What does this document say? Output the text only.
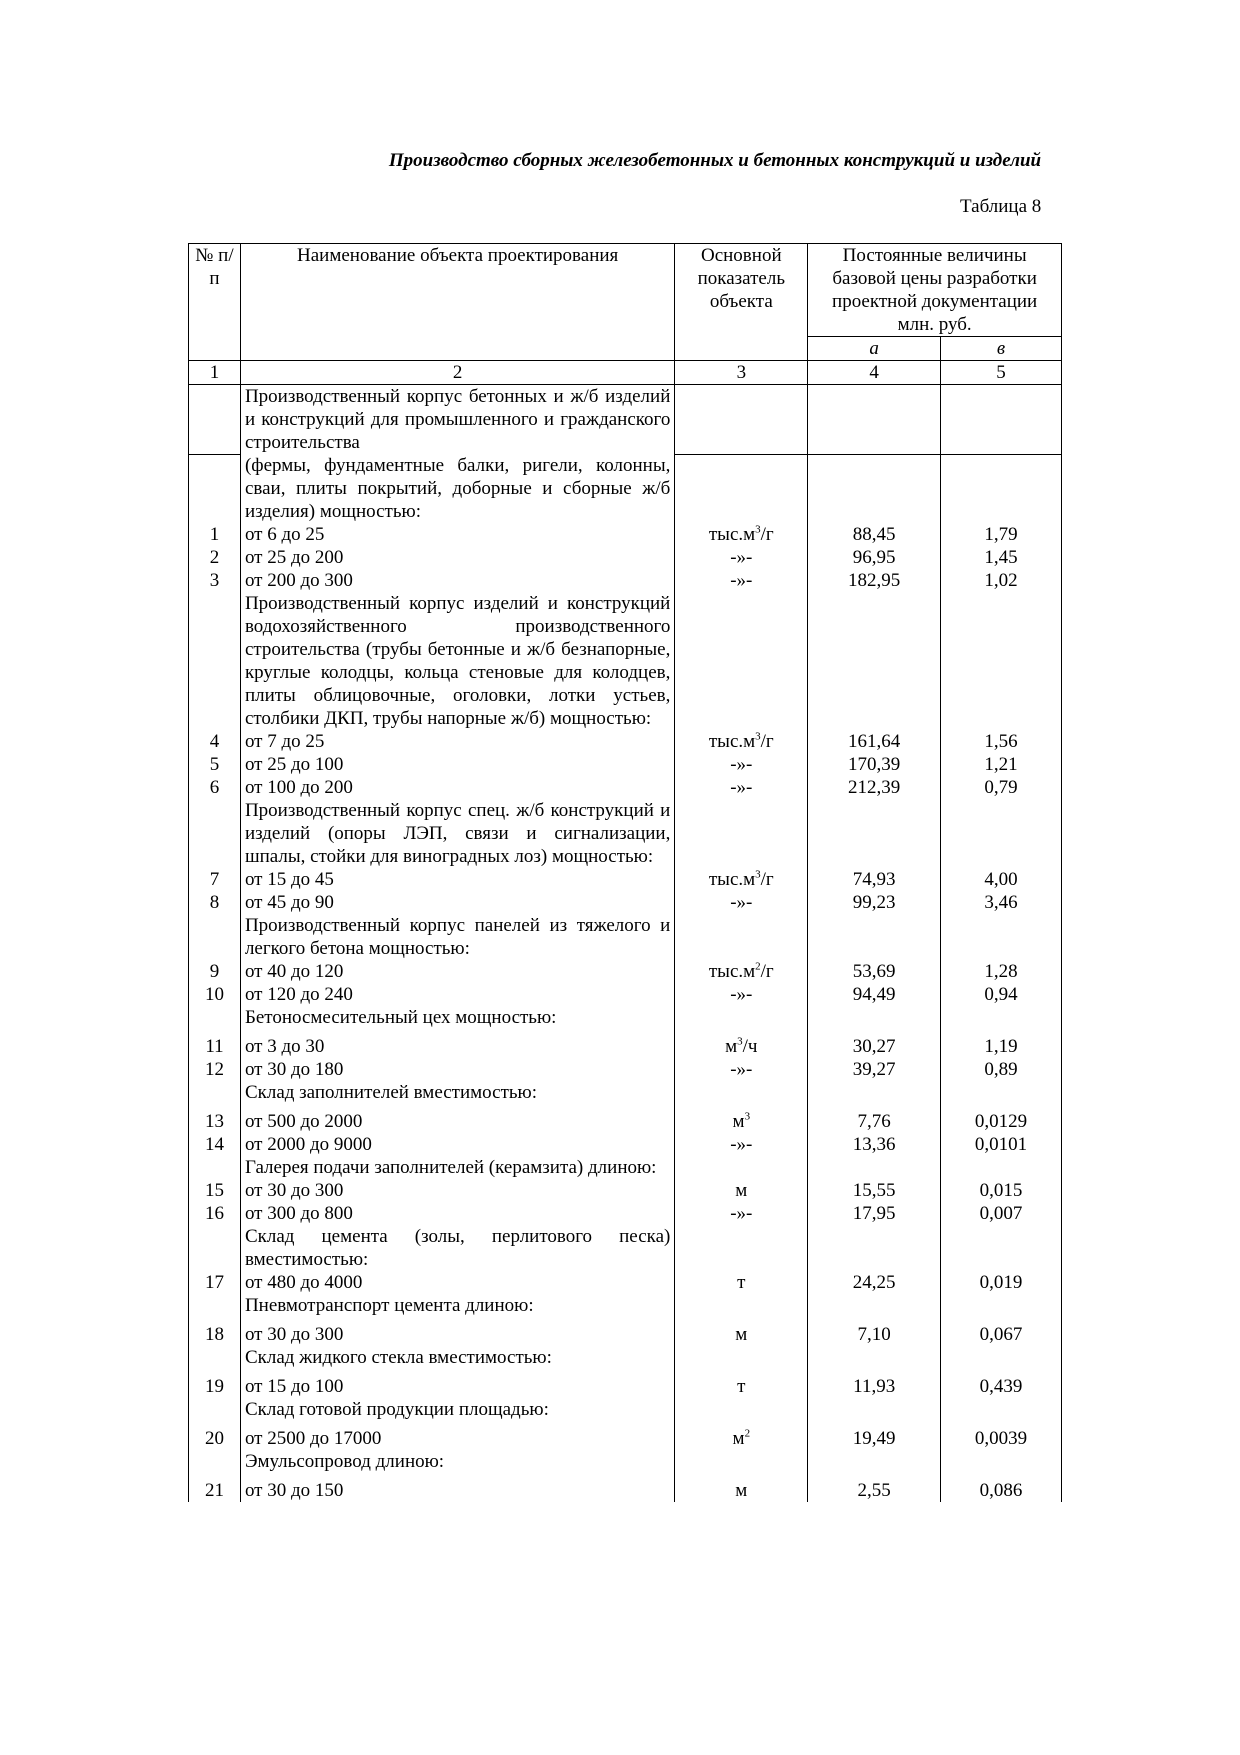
Производство сборных железобетонных и бетонных конструкций и изделий
Таблица 8
№ п/п	Наименование объекта проектирования	Основной показатель объекта	Постоянные величины базовой цены разработки проектной документации млн. руб.	
			а	в
1	2	3	4	5
	Производственный корпус бетонных и ж/б изделий и конструкций для промышленного и гражданского строительства			
	(фермы, фундаментные балки, ригели, колонны, сваи, плиты покрытий, доборные и сборные ж/б изделия) мощностью:			
1	от 6 до 25	$тыс.м^3/г$	88,45	1,79
2	от 25 до 200	-»-	96,95	1,45
3	от 200 до 300	-»-	182,95	1,02
	Производственный корпус изделий и конструкций водохозяйственного производственного строительства (трубы бетонные и ж/б безнапорные, круглые колодцы, кольца стеновые для колодцев, плиты облицовочные, оголовки, лотки устьев, столбики ДКП, трубы напорные ж/б) мощностью:			
4	от 7 до 25	$тыс.м^3/г$	161,64	1,56
5	от 25 до 100	-»-	170,39	1,21
6	от 100 до 200	-»-	212,39	0,79
	Производственный корпус спец. ж/б конструкций и изделий (опоры ЛЭП, связи и сигнализации, шпалы, стойки для виноградных лоз) мощностью:			
7	от 15 до 45	$тыс.м^3/г$	74,93	4,00
8	от 45 до 90	-»-	99,23	3,46
	Производственный корпус панелей из тяжелого и легкого бетона мощностью:			
9	от 40 до 120	$тыс.м^2/г$	53,69	1,28
10	от 120 до 240	-»-	94,49	0,94
	Бетоносмесительный цех мощностью:			

11	от 3 до 30	$м^3/ч$	30,27	1,19
12	от 30 до 180	-»-	39,27	0,89
	Склад заполнителей вместимостью:			

13	от 500 до 2000	$м^3$	7,76	0,0129
14	от 2000 до 9000	-»-	13,36	0,0101
	Галерея подачи заполнителей (керамзита) длиною:			
15	от 30 до 300	м	15,55	0,015
16	от 300 до 800	-»-	17,95	0,007
	Склад цемента (золы, перлитового песка) вместимостью:			
17	от 480 до 4000	т	24,25	0,019
	Пневмотранспорт цемента длиною:			

18	от 30 до 300	м	7,10	0,067
	Склад жидкого стекла вместимостью:			

19	от 15 до 100	т	11,93	0,439
	Склад готовой продукции площадью:			

20	от 2500 до 17000	$м^2$	19,49	0,0039
	Эмульсопровод длиною:			

21	от 30 до 150	м	2,55	0,086
